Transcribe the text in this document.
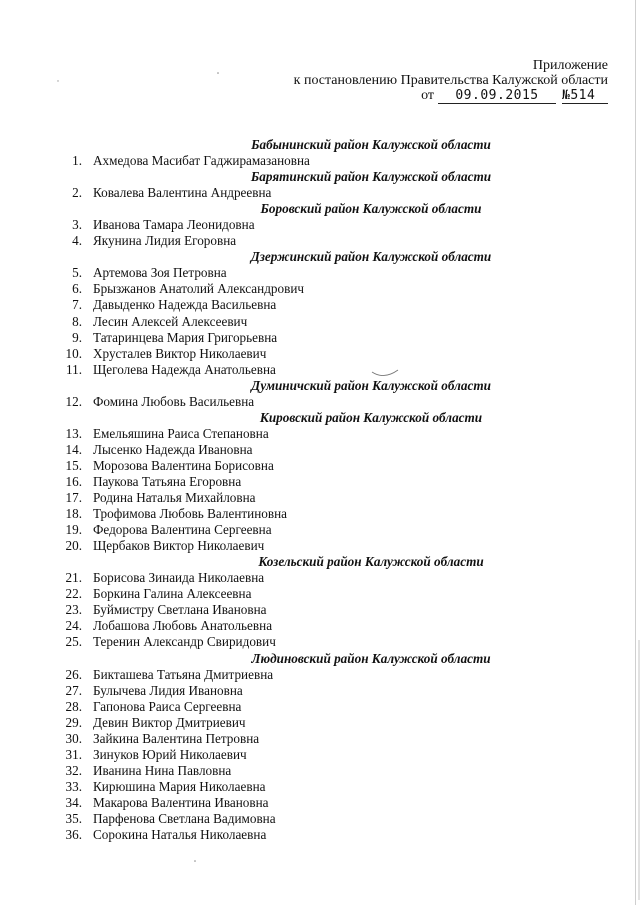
Приложение
к постановлению Правительства Калужской области
от	09.09.2015	№514
Бабынинский район Калужской области
1. Ахмедова Масибат Гаджирамазановна
Барятинский район Калужской области
2. Ковалева Валентина Андреевна
Боровский район Калужской области
3. Иванова Тамара Леонидовна
4. Якунина Лидия Егоровна
Дзержинский район Калужской области
5. Артемова Зоя Петровна
6. Брызжанов Анатолий Александрович
7. Давыденко Надежда Васильевна
8. Лесин Алексей Алексеевич
9. Татаринцева Мария Григорьевна
10. Хрусталев Виктор Николаевич
11. Щеголева Надежда Анатольевна
Думиничский район Калужской области
12. Фомина Любовь Васильевна
Кировский район Калужской области
13. Емельяшина Раиса Степановна
14. Лысенко Надежда Ивановна
15. Морозова Валентина Борисовна
16. Паукова Татьяна Егоровна
17. Родина Наталья Михайловна
18. Трофимова Любовь Валентиновна
19. Федорова Валентина Сергеевна
20. Щербаков Виктор Николаевич
Козельский район Калужской области
21. Борисова Зинаида Николаевна
22. Боркина Галина Алексеевна
23. Буймистру Светлана Ивановна
24. Лобашова Любовь Анатольевна
25. Теренин Александр Свиридович
Людиновский район Калужской области
26. Бикташева Татьяна Дмитриевна
27. Булычева Лидия Ивановна
28. Гапонова Раиса Сергеевна
29. Девин Виктор Дмитриевич
30. Зайкина Валентина Петровна
31. Зинуков Юрий Николаевич
32. Иванина Нина Павловна
33. Кирюшина Мария Николаевна
34. Макарова Валентина Ивановна
35. Парфенова Светлана Вадимовна
36. Сорокина Наталья Николаевна
